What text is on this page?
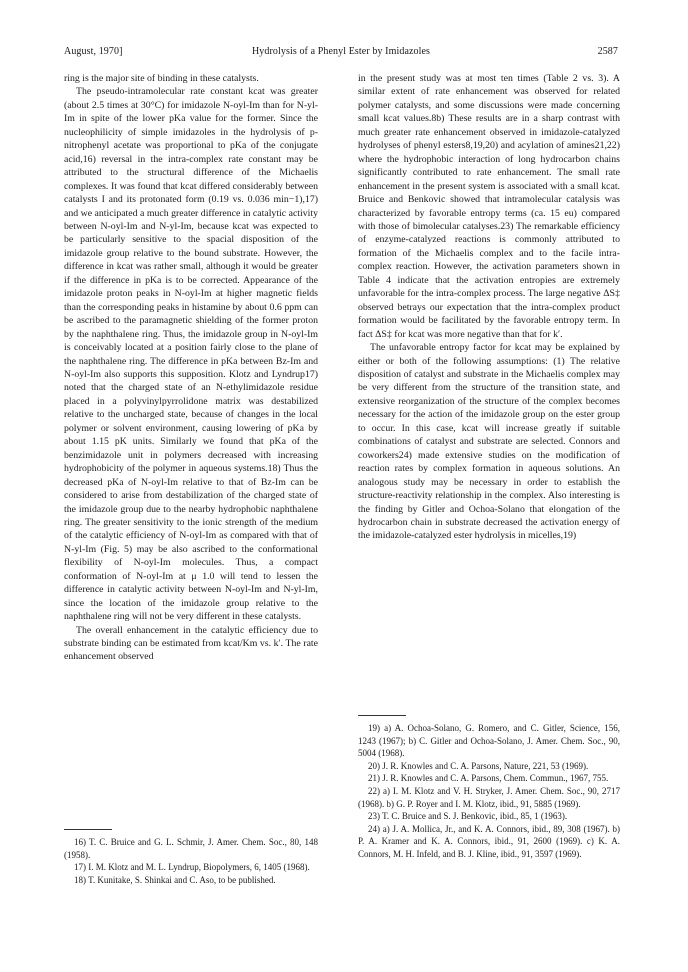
August, 1970]	Hydrolysis of a Phenyl Ester by Imidazoles	2587

ring is the major site of binding in these catalysts.

The pseudo-intramolecular rate constant kcat was greater (about 2.5 times at 30°C) for imidazole N-oyl-Im than for N-yl-Im in spite of the lower pKa value for the former. Since the nucleophilicity of simple imidazoles in the hydrolysis of p-nitrophenyl acetate was proportional to pKa of the conjugate acid,16) reversal in the intra-complex rate constant may be attributed to the structural difference of the Michaelis complexes. It was found that kcat differed considerably between catalysts I and its protonated form (0.19 vs. 0.036 min−1),17) and we anticipated a much greater difference in catalytic activity between N-oyl-Im and N-yl-Im, because kcat was expected to be particularly sensitive to the spacial disposition of the imidazole group relative to the bound substrate. However, the difference in kcat was rather small, although it would be greater if the difference in pKa is to be corrected. Appearance of the imidazole proton peaks in N-oyl-Im at higher magnetic fields than the corresponding peaks in histamine by about 0.6 ppm can be ascribed to the paramagnetic shielding of the former proton by the naphthalene ring. Thus, the imidazole group in N-oyl-Im is conceivably located at a position fairly close to the plane of the naphthalene ring. The difference in pKa between Bz-Im and N-oyl-Im also supports this supposition. Klotz and Lyndrup17) noted that the charged state of an N-ethylimidazole residue placed in a polyvinylpyrrolidone matrix was destabilized relative to the uncharged state, because of changes in the local polymer or solvent environment, causing lowering of pKa by about 1.15 pK units. Similarly we found that pKa of the benzimidazole unit in polymers decreased with increasing hydrophobicity of the polymer in aqueous systems.18) Thus the decreased pKa of N-oyl-Im relative to that of Bz-Im can be considered to arise from destabilization of the charged state of the imidazole group due to the nearby hydrophobic naphthalene ring. The greater sensitivity to the ionic strength of the medium of the catalytic efficiency of N-oyl-Im as compared with that of N-yl-Im (Fig. 5) may be also ascribed to the conformational flexibility of N-oyl-Im molecules. Thus, a compact conformation of N-oyl-Im at μ 1.0 will tend to lessen the difference in catalytic activity between N-oyl-Im and N-yl-Im, since the location of the imidazole group relative to the naphthalene ring will not be very different in these catalysts.

The overall enhancement in the catalytic efficiency due to substrate binding can be estimated from kcat/Km vs. k′. The rate enhancement observed

in the present study was at most ten times (Table 2 vs. 3). A similar extent of rate enhancement was observed for related polymer catalysts, and some discussions were made concerning small kcat values.8b) These results are in a sharp contrast with much greater rate enhancement observed in imidazole-catalyzed hydrolyses of phenyl esters8,19,20) and acylation of amines21,22) where the hydrophobic interaction of long hydrocarbon chains significantly contributed to rate enhancement. The small rate enhancement in the present system is associated with a small kcat. Bruice and Benkovic showed that intramolecular catalysis was characterized by favorable entropy terms (ca. 15 eu) compared with those of bimolecular catalyses.23) The remarkable efficiency of enzyme-catalyzed reactions is commonly attributed to formation of the Michaelis complex and to the facile intra-complex reaction. However, the activation parameters shown in Table 4 indicate that the activation entropies are extremely unfavorable for the intra-complex process. The large negative ΔS‡ observed betrays our expectation that the intra-complex product formation would be facilitated by the favorable entropy term. In fact ΔS‡ for kcat was more negative than that for k′.

The unfavorable entropy factor for kcat may be explained by either or both of the following assumptions: (1) The relative disposition of catalyst and substrate in the Michaelis complex may be very different from the structure of the transition state, and extensive reorganization of the structure of the complex becomes necessary for the action of the imidazole group on the ester group to occur. In this case, kcat will increase greatly if suitable combinations of catalyst and substrate are selected. Connors and coworkers24) made extensive studies on the modification of reaction rates by complex formation in aqueous solutions. An analogous study may be necessary in order to establish the structure-reactivity relationship in the complex. Also interesting is the finding by Gitler and Ochoa-Solano that elongation of the hydrocarbon chain in substrate decreased the activation energy of the imidazole-catalyzed ester hydrolysis in micelles,19)

16) T. C. Bruice and G. L. Schmir, J. Amer. Chem. Soc., 80, 148 (1958).

17) I. M. Klotz and M. L. Lyndrup, Biopolymers, 6, 1405 (1968).

18) T. Kunitake, S. Shinkai and C. Aso, to be published.

19) a) A. Ochoa-Solano, G. Romero, and C. Gitler, Science, 156, 1243 (1967); b) C. Gitler and Ochoa-Solano, J. Amer. Chem. Soc., 90, 5004 (1968).

20) J. R. Knowles and C. A. Parsons, Nature, 221, 53 (1969).

21) J. R. Knowles and C. A. Parsons, Chem. Commun., 1967, 755.

22) a) I. M. Klotz and V. H. Stryker, J. Amer. Chem. Soc., 90, 2717 (1968). b) G. P. Royer and I. M. Klotz, ibid., 91, 5885 (1969).

23) T. C. Bruice and S. J. Benkovic, ibid., 85, 1 (1963).

24) a) J. A. Mollica, Jr., and K. A. Connors, ibid., 89, 308 (1967). b) P. A. Kramer and K. A. Connors, ibid., 91, 2600 (1969). c) K. A. Connors, M. H. Infeld, and B. J. Kline, ibid., 91, 3597 (1969).
